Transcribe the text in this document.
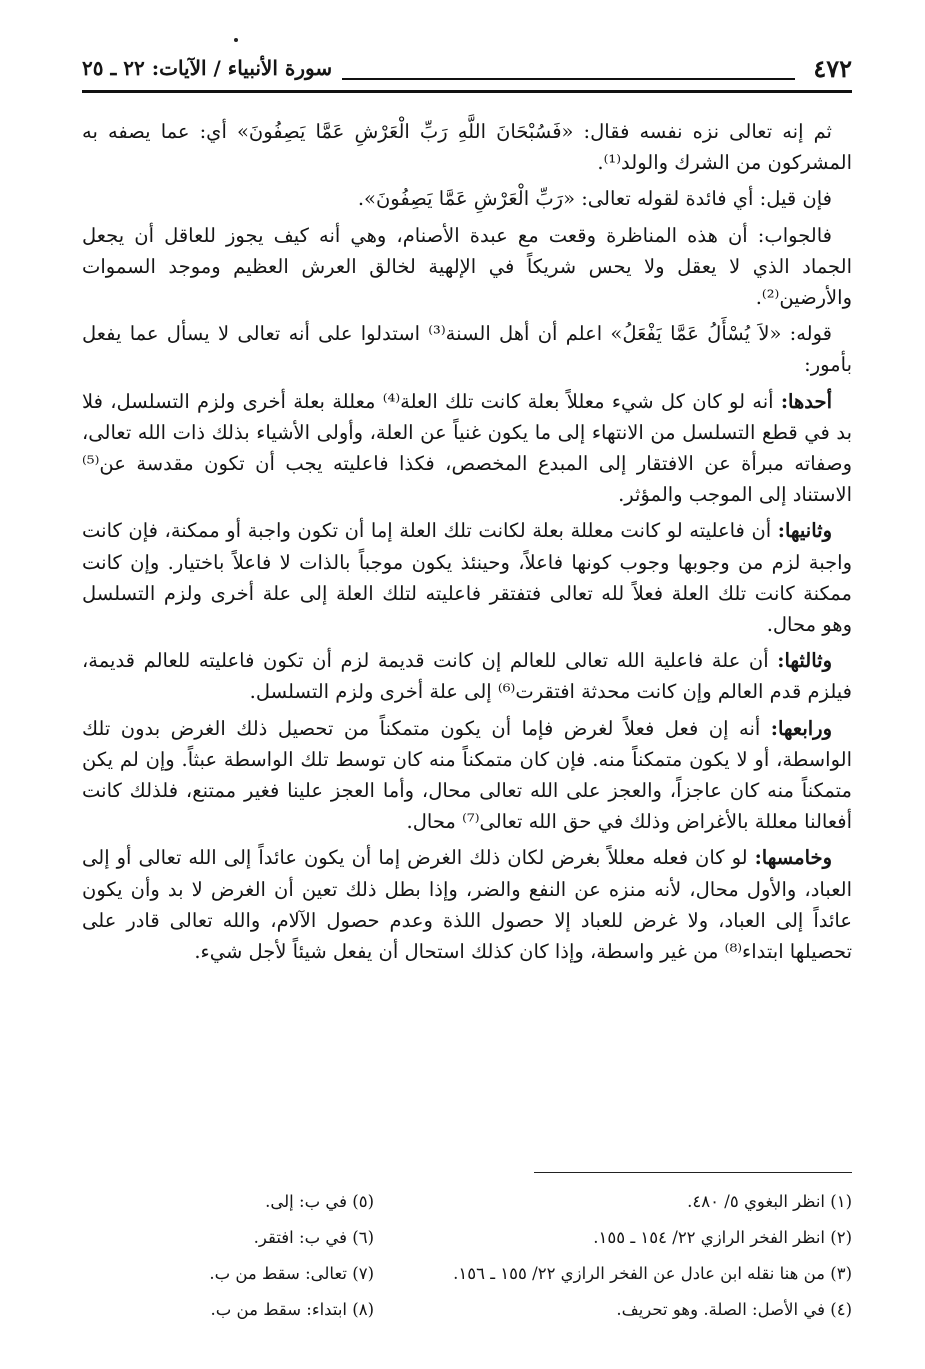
٤٧٢
سورة الأنبياء / الآيات: ٢٢ ـ ٢٥

ثم إنه تعالى نزه نفسه فقال: «فَسُبْحَانَ اللَّهِ رَبِّ الْعَرْشِ عَمَّا يَصِفُونَ» أي: عما يصفه به المشركون من الشرك والولد⁽¹⁾.

فإن قيل: أي فائدة لقوله تعالى: «رَبِّ الْعَرْشِ عَمَّا يَصِفُونَ».

فالجواب: أن هذه المناظرة وقعت مع عبدة الأصنام، وهي أنه كيف يجوز للعاقل أن يجعل الجماد الذي لا يعقل ولا يحس شريكاً في الإلهية لخالق العرش العظيم وموجد السموات والأرضين⁽²⁾.

قوله: «لاَ يُسْأَلُ عَمَّا يَفْعَلُ» اعلم أن أهل السنة⁽³⁾ استدلوا على أنه تعالى لا يسأل عما يفعل بأمور:

أحدها: أنه لو كان كل شيء معللاً بعلة كانت تلك العلة⁽⁴⁾ معللة بعلة أخرى ولزم التسلسل، فلا بد في قطع التسلسل من الانتهاء إلى ما يكون غنياً عن العلة، وأولى الأشياء بذلك ذات الله تعالى، وصفاته مبرأة عن الافتقار إلى المبدع المخصص، فكذا فاعليته يجب أن تكون مقدسة عن⁽⁵⁾ الاستناد إلى الموجب والمؤثر.

وثانيها: أن فاعليته لو كانت معللة بعلة لكانت تلك العلة إما أن تكون واجبة أو ممكنة، فإن كانت واجبة لزم من وجوبها وجوب كونها فاعلاً، وحينئذ يكون موجباً بالذات لا فاعلاً باختيار. وإن كانت ممكنة كانت تلك العلة فعلاً لله تعالى فتفتقر فاعليته لتلك العلة إلى علة أخرى ولزم التسلسل وهو محال.

وثالثها: أن علة فاعلية الله تعالى للعالم إن كانت قديمة لزم أن تكون فاعليته للعالم قديمة، فيلزم قدم العالم وإن كانت محدثة افتقرت⁽⁶⁾ إلى علة أخرى ولزم التسلسل.

ورابعها: أنه إن فعل فعلاً لغرض فإما أن يكون متمكناً من تحصيل ذلك الغرض بدون تلك الواسطة، أو لا يكون متمكناً منه. فإن كان متمكناً منه كان توسط تلك الواسطة عبثاً. وإن لم يكن متمكناً منه كان عاجزاً، والعجز على الله تعالى محال، وأما العجز علينا فغير ممتنع، فلذلك كانت أفعالنا معللة بالأغراض وذلك في حق الله تعالى⁽⁷⁾ محال.

وخامسها: لو كان فعله معللاً بغرض لكان ذلك الغرض إما أن يكون عائداً إلى الله تعالى أو إلى العباد، والأول محال، لأنه منزه عن النفع والضر، وإذا بطل ذلك تعين أن الغرض لا بد وأن يكون عائداً إلى العباد، ولا غرض للعباد إلا حصول اللذة وعدم حصول الآلام، والله تعالى قادر على تحصيلها ابتداء⁽⁸⁾ من غير واسطة، وإذا كان كذلك استحال أن يفعل شيئاً لأجل شيء.

(١) انظر البغوي ٥/ ٤٨٠.
(٢) انظر الفخر الرازي ٢٢/ ١٥٤ ـ ١٥٥.
(٣) من هنا نقله ابن عادل عن الفخر الرازي ٢٢/ ١٥٥ ـ ١٥٦.
(٤) في الأصل: الصلة. وهو تحريف.
(٥) في ب: إلى.
(٦) في ب: افتقر.
(٧) تعالى: سقط من ب.
(٨) ابتداء: سقط من ب.
